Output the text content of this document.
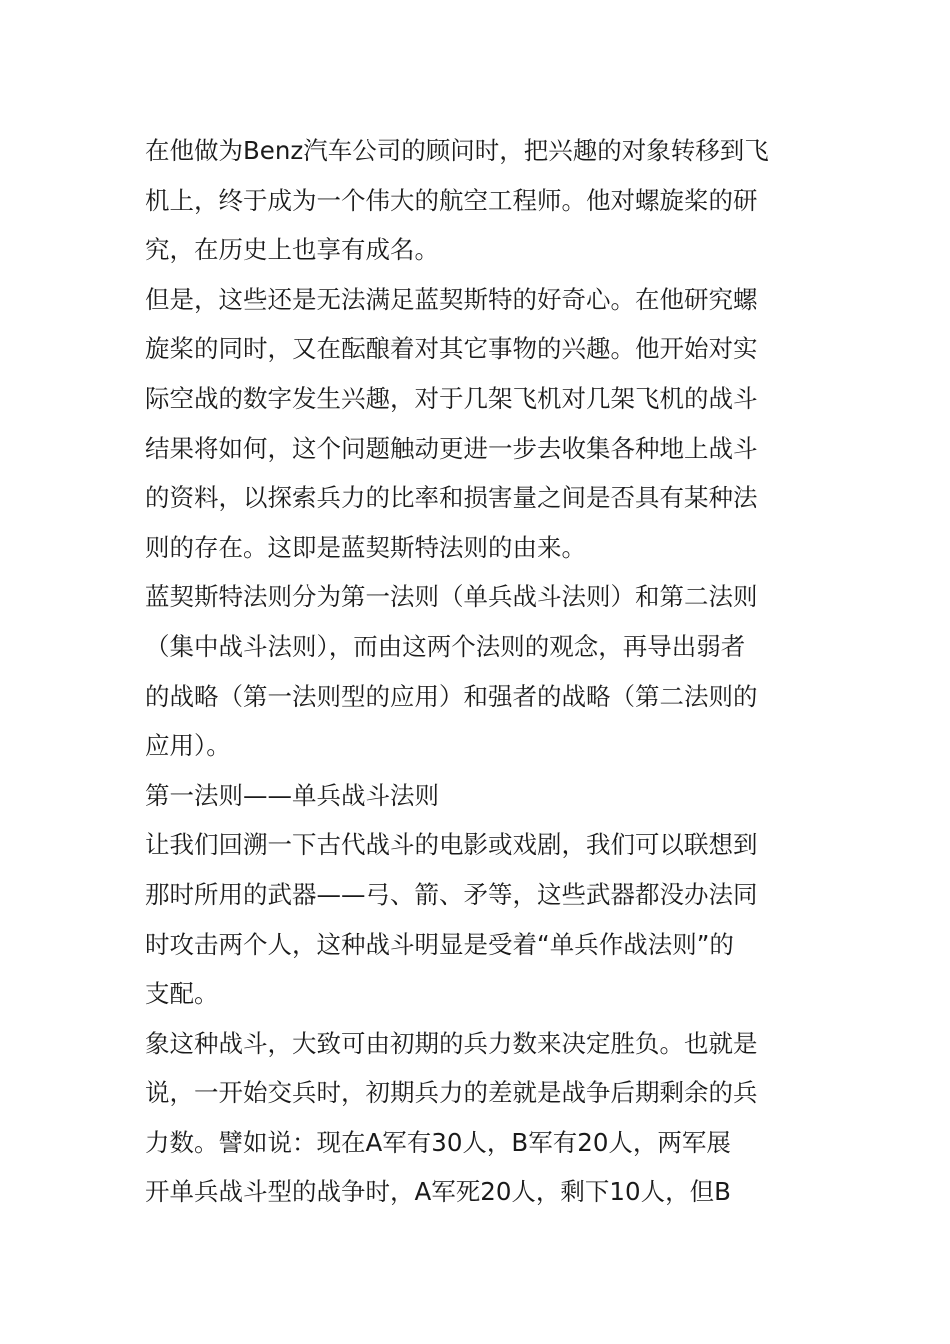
在他做为Benz汽车公司的顾问时，把兴趣的对象转移到飞
机上，终于成为一个伟大的航空工程师。他对螺旋桨的研
究，在历史上也享有成名。

但是，这些还是无法满足蓝契斯特的好奇心。在他研究螺
旋桨的同时，又在酝酿着对其它事物的兴趣。他开始对实
际空战的数字发生兴趣，对于几架飞机对几架飞机的战斗
结果将如何，这个问题触动更进一步去收集各种地上战斗
的资料，以探索兵力的比率和损害量之间是否具有某种法
则的存在。这即是蓝契斯特法则的由来。

蓝契斯特法则分为第一法则（单兵战斗法则）和第二法则
（集中战斗法则），而由这两个法则的观念，再导出弱者
的战略（第一法则型的应用）和强者的战略（第二法则的
应用）。

第一法则——单兵战斗法则

让我们回溯一下古代战斗的电影或戏剧，我们可以联想到
那时所用的武器——弓、箭、矛等，这些武器都没办法同
时攻击两个人，这种战斗明显是受着“单兵作战法则”的
支配。

象这种战斗，大致可由初期的兵力数来决定胜负。也就是
说，一开始交兵时，初期兵力的差就是战争后期剩余的兵
力数。譬如说：现在A军有30人，B军有20人，两军展
开单兵战斗型的战争时，A军死20人，剩下10人，但B
